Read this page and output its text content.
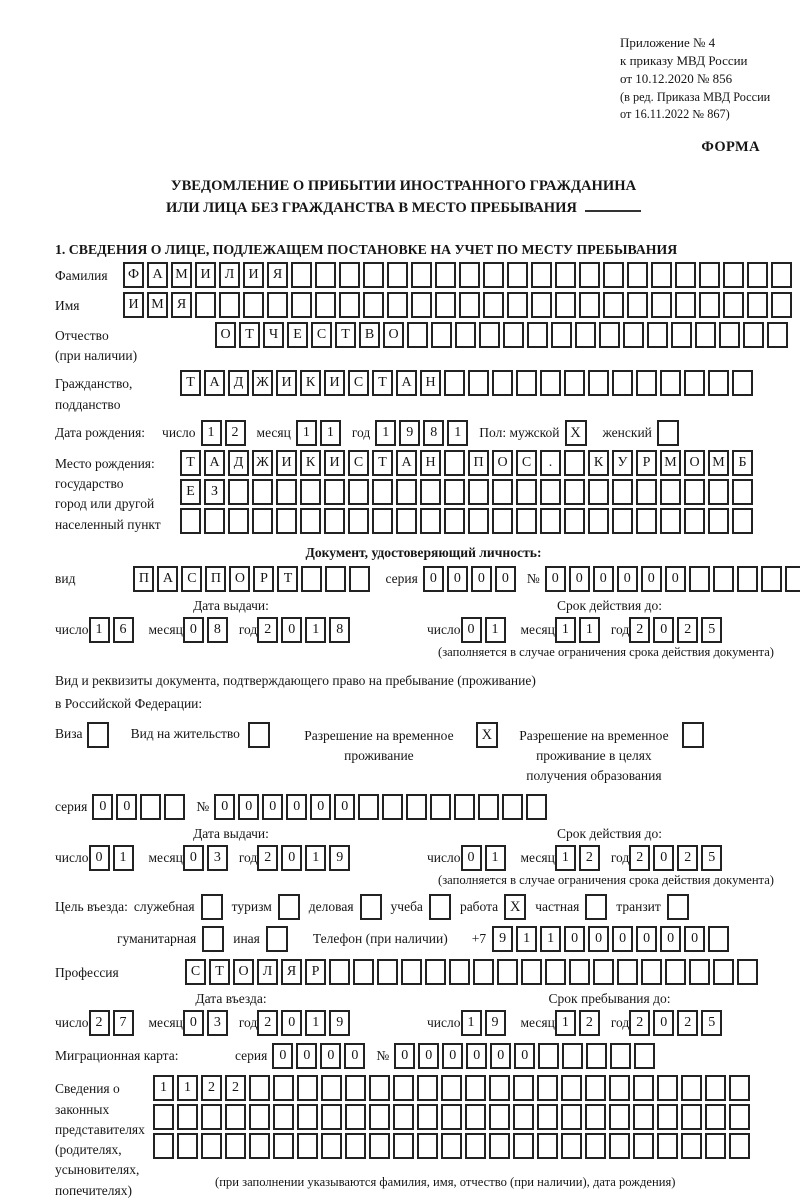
Приложение № 4
к приказу МВД России
от 10.12.2020 № 856
(в ред. Приказа МВД России
от 16.11.2022 № 867)
ФОРМА
УВЕДОМЛЕНИЕ О ПРИБЫТИИ ИНОСТРАННОГО ГРАЖДАНИНА
ИЛИ ЛИЦА БЕЗ ГРАЖДАНСТВА В МЕСТО ПРЕБЫВАНИЯ
1. СВЕДЕНИЯ О ЛИЦЕ, ПОДЛЕЖАЩЕМ ПОСТАНОВКЕ НА УЧЕТ ПО МЕСТУ ПРЕБЫВАНИЯ
Фамилия	Ф А М И	Л	И	Я
Имя	И М Я
Отчество
(при наличии)
О	Т	Ч	Е	С	Т	В	О
Гражданство,
подданство
Т	А	Д Ж И	К	И	С	Т	А Н
Дата рождения:	число 1	2	месяц 1	1	год 1	9	8	1	Пол: мужской X	женский
Место рождения:
государство
город или другой
населенный пункт
Т	А	Д Ж И	К	И	С	Т	А Н	П О	С	.	К	У	Р М О М Б
Е	З
Документ, удостоверяющий личность:
вид	П А	С	П О	Р	Т	серия 0	0	0	0	№ 0	0	0	0	0	0
Дата выдачи:
число 1	6	месяц 0	8	год 2	0	1	8
Срок действия до:
число 0	1	месяц 1	1	год 2	0	2	5
(заполняется в случае ограничения срока действия документа)
Вид и реквизиты документа, подтверждающего право на пребывание (проживание)
в Российской Федерации:
Виза	Вид на жительство	Разрешение на временное проживание
X	Разрешение на временное проживание в целях получения образования
серия 0	0	№ 0	0	0	0	0	0
Дата выдачи:
число 0	1	месяц 0	3	год 2	0	1	9
Срок действия до:
число 0	1	месяц 1	2	год 2	0	2	5
(заполняется в случае ограничения срока действия документа)
Цель въезда: служебная	туризм	деловая	учеба	работа X	частная	транзит
гуманитарная	иная	Телефон (при наличии) +7 9	1	1	0	0	0	0	0	0
Профессия	С	Т	О	Л	Я	Р
Дата въезда:
число 2	7	месяц 0	3	год 2	0	1	9
Срок пребывания до:
число 1	9	месяц 1	2	год 2	0	2	5
Миграционная карта:	серия 0	0	0	0	№ 0	0	0	0	0	0
Сведения о
законных
представителях
(родителях,
усыновителях,
попечителях)
1	1	2	2
(при заполнении указываются фамилия, имя, отчество (при наличии), дата рождения)
